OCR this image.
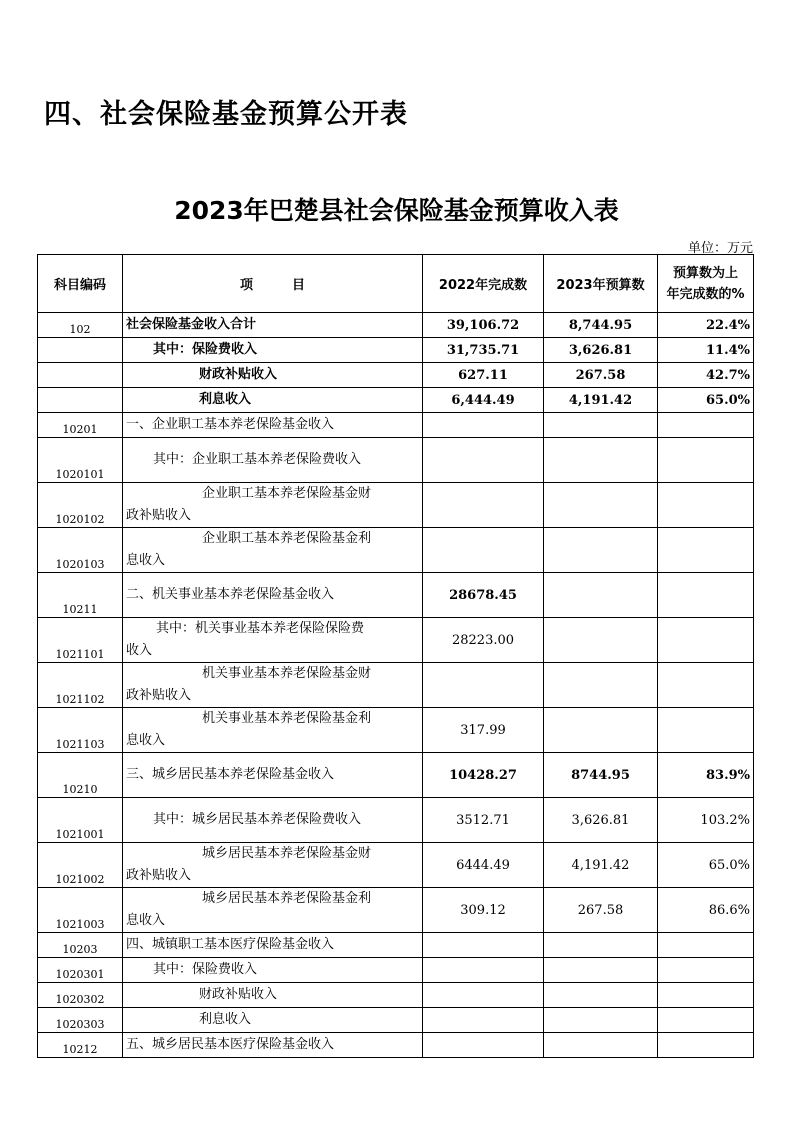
四、社会保险基金预算公开表
2023年巴楚县社会保险基金预算收入表
单位：万元
科目编码	项　　　目	2022年完成数	2023年预算数	预算数为上
年完成数的%

102	社会保险基金收入合计	39,106.72	8,744.95	22.4%
	其中：保险费收入	31,735.71	3,626.81	11.4%
	财政补贴收入	627.11	267.58	42.7%
	利息收入	6,444.49	4,191.42	65.0%
10201	一、企业职工基本养老保险基金收入			
1020101	其中：企业职工基本养老保险费收入			
1020102	企业职工基本养老保险基金财
政补贴收入			

1020103	企业职工基本养老保险基金利
息收入			

10211	二、机关事业基本养老保险基金收入	28678.45		
1021101	其中：机关事业基本养老保险保险费
收入	28223.00		
1021102	机关事业基本养老保险基金财
政补贴收入			

1021103	机关事业基本养老保险基金利
息收入	317.99		
10210	三、城乡居民基本养老保险基金收入	10428.27	8744.95	83.9%
1021001	其中：城乡居民基本养老保险费收入	3512.71	3,626.81	103.2%
1021002	城乡居民基本养老保险基金财
政补贴收入	6444.49	4,191.42	65.0%
1021003	城乡居民基本养老保险基金利
息收入	309.12	267.58	86.6%
10203	四、城镇职工基本医疗保险基金收入			
1020301	其中：保险费收入			
1020302	财政补贴收入			
1020303	利息收入			
10212	五、城乡居民基本医疗保险基金收入			
